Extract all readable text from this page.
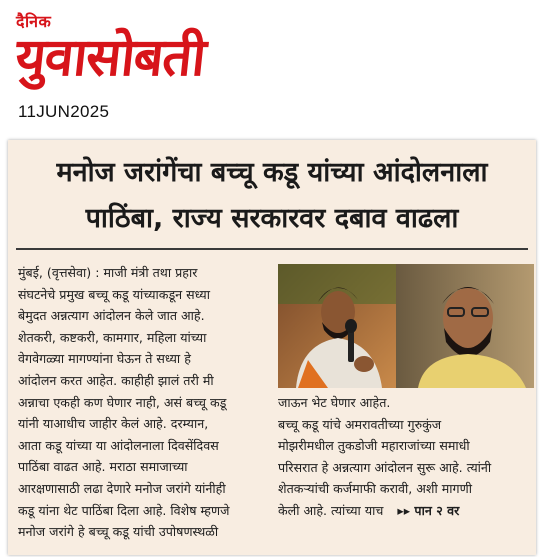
दैनिक
युवासोबती
11JUN2025
मनोज जरांगेंचा बच्चू कडू यांच्या आंदोलनाला
पाठिंबा, राज्य सरकारवर दबाव वाढला
मुंबई, (वृत्तसेवा) : माजी मंत्री तथा प्रहार
संघटनेचे प्रमुख बच्चू कडू यांच्याकडून सध्या
बेमुदत अन्नत्याग आंदोलन केले जात आहे.
शेतकरी, कष्टकरी, कामगार, महिला यांच्या
वेगवेगळ्या मागण्यांना घेऊन ते सध्या हे
आंदोलन करत आहेत. काहीही झालं तरी मी
अन्नाचा एकही कण घेणार नाही, असं बच्चू कडू
यांनी याआधीच जाहीर केलं आहे. दरम्यान,
आता कडू यांच्या या आंदोलनाला दिवसेंदिवस
पाठिंबा वाढत आहे. मराठा समाजाच्या
आरक्षणासाठी लढा देणारे मनोज जरांगे यांनीही
कडू यांना थेट पाठिंबा दिला आहे. विशेष म्हणजे
मनोज जरांगे हे बच्चू कडू यांची उपोषणस्थळी
जाऊन भेट घेणार आहेत.
बच्चू कडू यांचे अमरावतीच्या गुरुकुंज
मोझरीमधील तुकडोजी महाराजांच्या समाधी
परिसरात हे अन्नत्याग आंदोलन सुरू आहे. त्यांनी
शेतकऱ्यांची कर्जमाफी करावी, अशी मागणी
केली आहे. त्यांच्या याच ▸▸ पान २ वर
